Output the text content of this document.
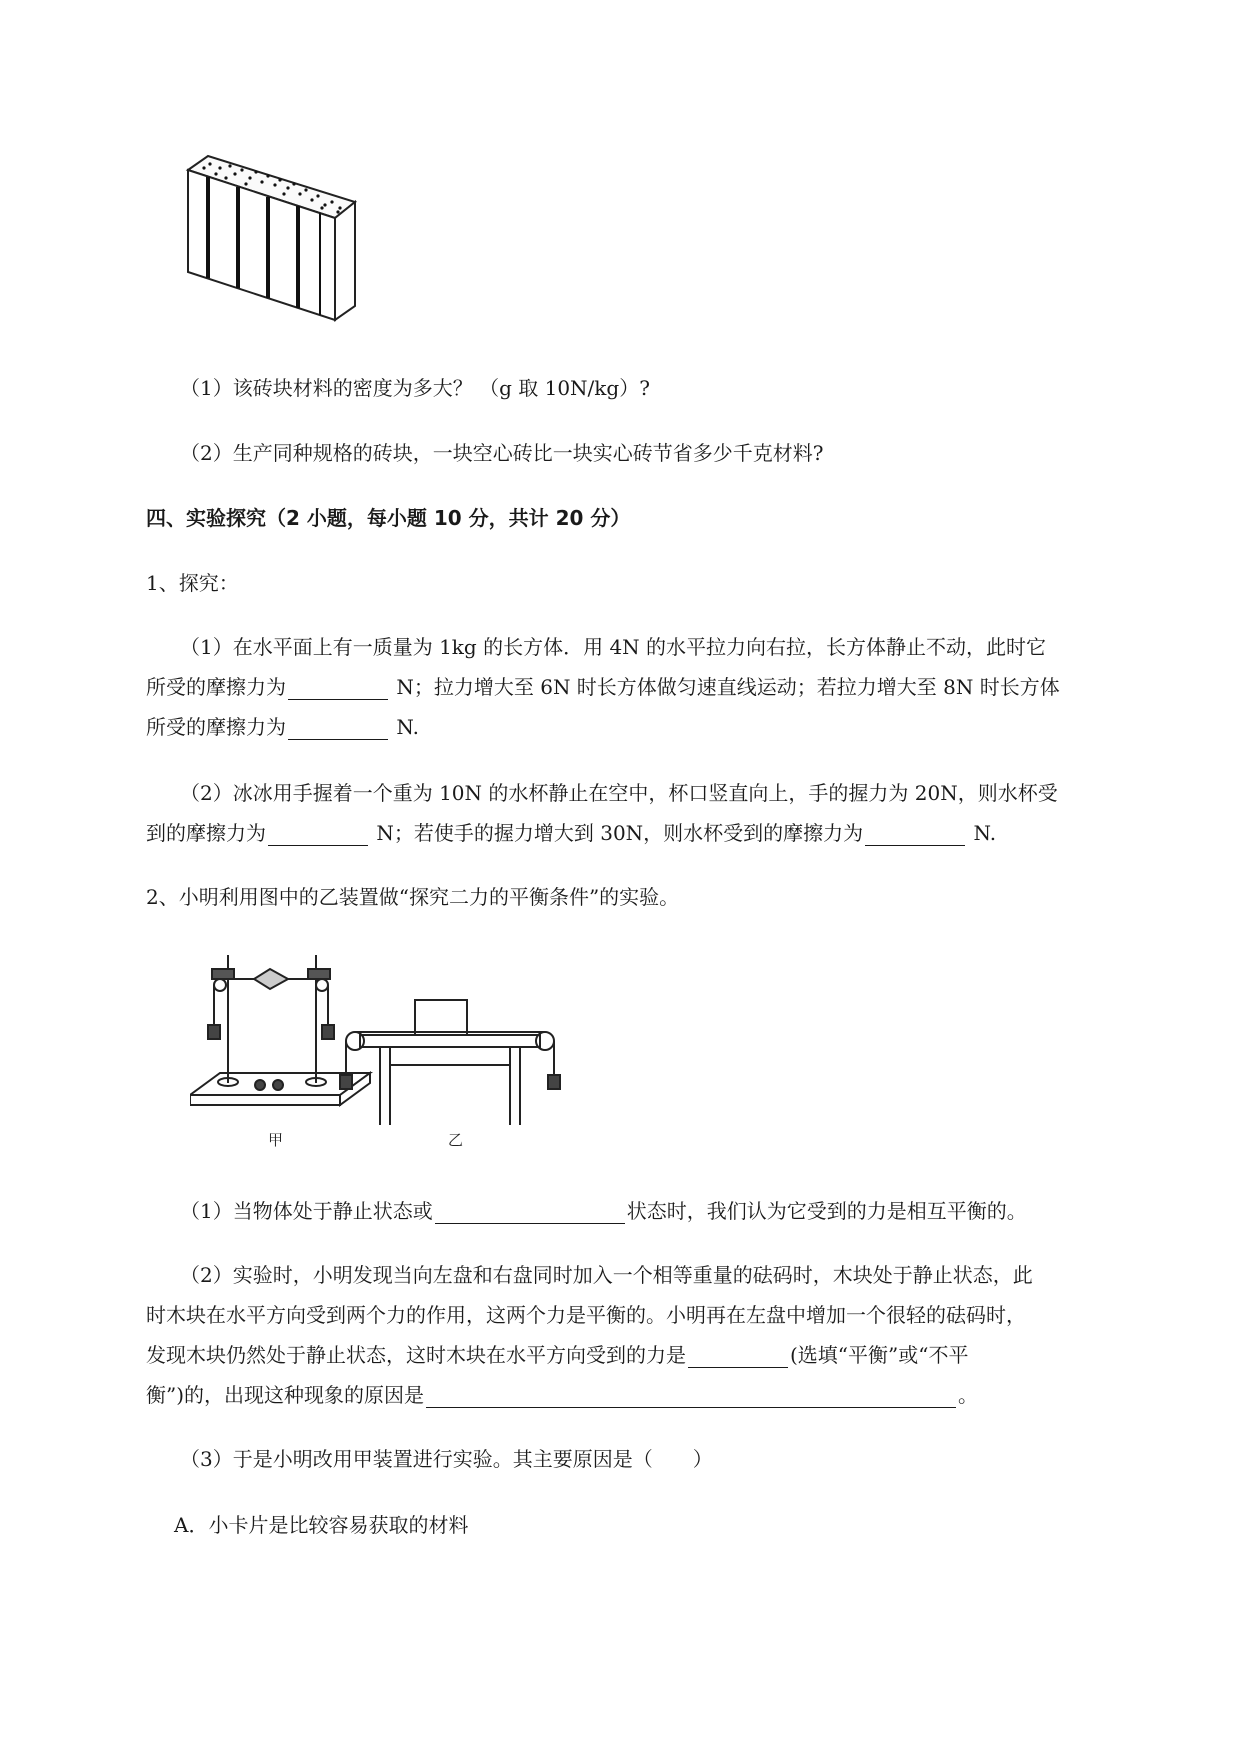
（1）该砖块材料的密度为多大？ （g 取 10N/kg）?
（2）生产同种规格的砖块，一块空心砖比一块实心砖节省多少千克材料?
四、实验探究（2 小题，每小题 10 分，共计 20 分）
1、探究：
（1）在水平面上有一质量为 1kg 的长方体．用 4N 的水平拉力向右拉，长方体静止不动，此时它
所受的摩擦力为	N；拉力增大至 6N 时长方体做匀速直线运动；若拉力增大至 8N 时长方体
所受的摩擦力为	N.
（2）冰冰用手握着一个重为 10N 的水杯静止在空中，杯口竖直向上，手的握力为 20N，则水杯受
到的摩擦力为	N；若使手的握力增大到 30N，则水杯受到的摩擦力为	N.
2、小明利用图中的乙装置做“探究二力的平衡条件”的实验。
甲	乙
（1）当物体处于静止状态或	状态时，我们认为它受到的力是相互平衡的。
（2）实验时，小明发现当向左盘和右盘同时加入一个相等重量的砝码时，木块处于静止状态，此
时木块在水平方向受到两个力的作用，这两个力是平衡的。小明再在左盘中增加一个很轻的砝码时，
发现木块仍然处于静止状态，这时木块在水平方向受到的力是	(选填“平衡”或“不平
衡”)的，出现这种现象的原因是	。
（3）于是小明改用甲装置进行实验。其主要原因是（　　）
A．小卡片是比较容易获取的材料
